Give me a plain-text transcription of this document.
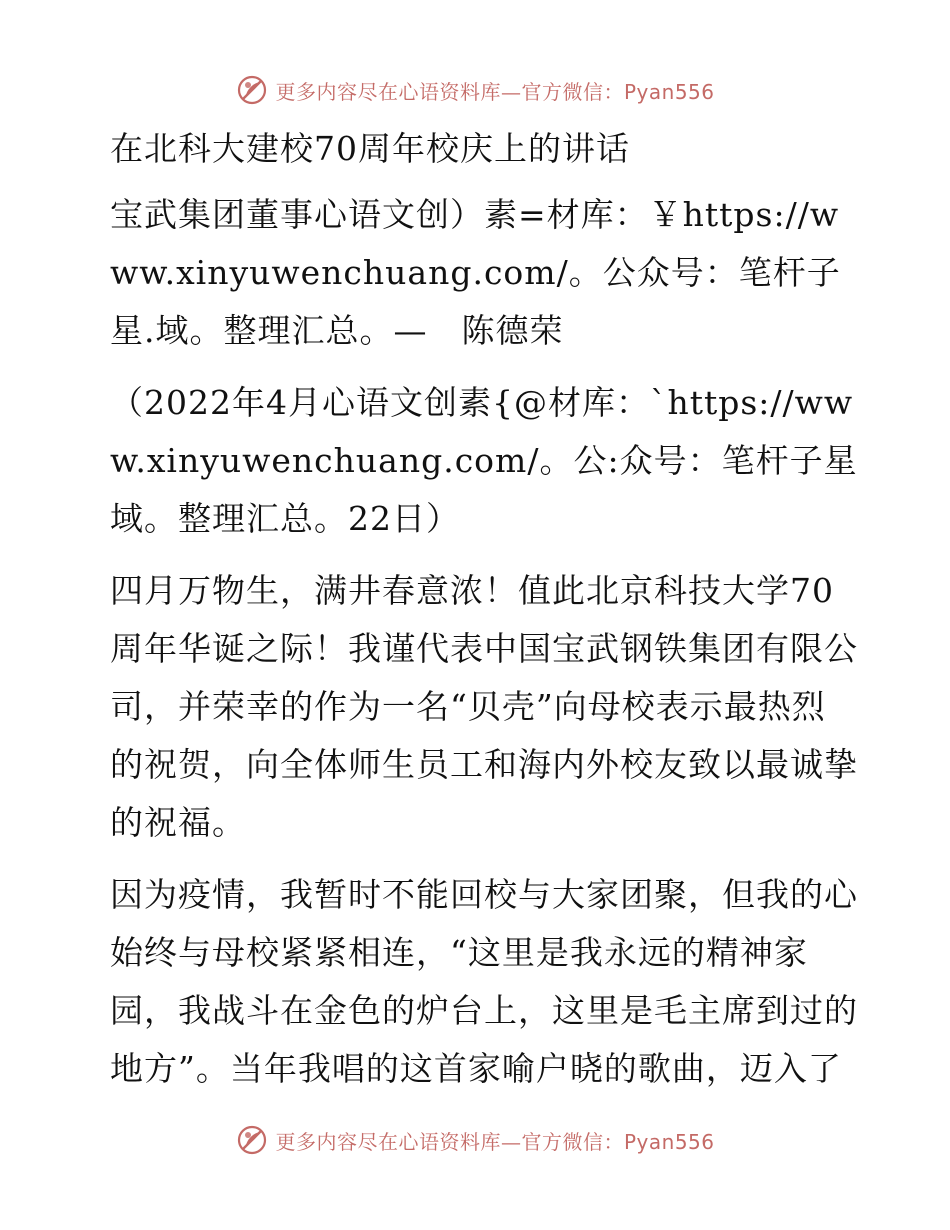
更多内容尽在心语资料库—官方微信：Pyan556

在北科大建校70周年校庆上的讲话

宝武集团董事心语文创）素=材库：￥https://www.xinyuwenchuang.com/。公众号：笔杆子星.域。整理汇总。—　陈德荣

（2022年4月心语文创素{@材库：`https://www.xinyuwenchuang.com/。公:众号：笔杆子星域。整理汇总。22日）

四月万物生，满井春意浓！值此北京科技大学70周年华诞之际！我谨代表中国宝武钢铁集团有限公司，并荣幸的作为一名“贝壳”向母校表示最热烈的祝贺，向全体师生员工和海内外校友致以最诚挚的祝福。

因为疫情，我暂时不能回校与大家团聚，但我的心始终与母校紧紧相连，“这里是我永远的精神家园，我战斗在金色的炉台上，这里是毛主席到过的地方”。当年我唱的这首家喻户晓的歌曲，迈入了

更多内容尽在心语资料库—官方微信：Pyan556
